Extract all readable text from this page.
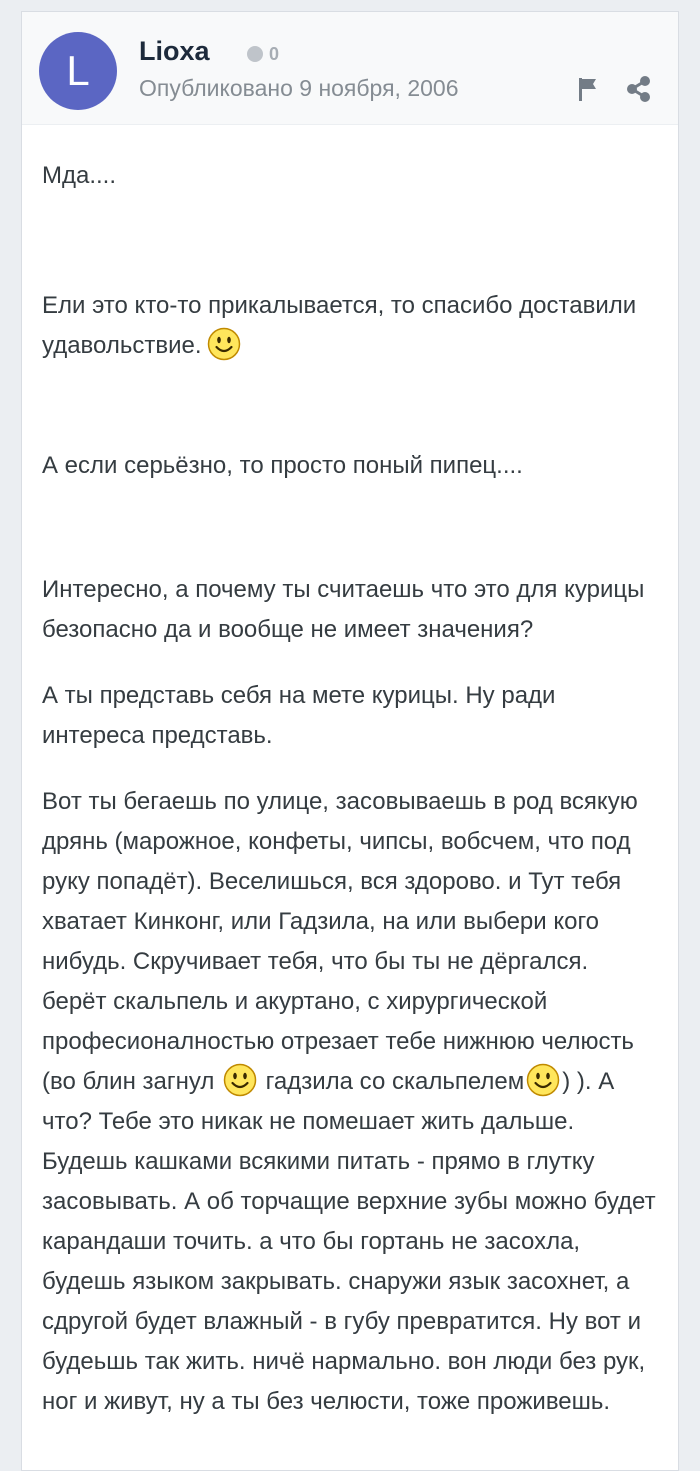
L Lioxa	0
Опубликовано 9 ноября, 2006

Мда....

Ели это кто-то прикалывается, то спасибо доставили удавольствие.

А если серьёзно, то просто поный пипец....

Интересно, а почему ты считаешь что это для курицы безопасно да и вообще не имеет значения?

А ты представь себя на мете курицы. Ну ради интереса представь.

Вот ты бегаешь по улице, засовываешь в род всякую дрянь (марожное, конфеты, чипсы, вобсчем, что под руку попадёт). Веселишься, вся здорово. и Тут тебя хватает Кинконг, или Гадзила, на или выбери кого нибудь. Скручивает тебя, что бы ты не дёргался. берёт скальпель и акуртано, с хирургической професионалностью отрезает тебе нижнюю челюсть (во блин загнул гадзила со скальпелем ) ). А что? Тебе это никак не помешает жить дальше. Будешь кашками всякими питать - прямо в глутку засовывать. А об торчащие верхние зубы можно будет карандаши точить. а что бы гортань не засохла, будешь языком закрывать. снаружи язык засохнет, а сдругой будет влажный - в губу превратится. Ну вот и будеьшь так жить. ничё нармально. вон люди без рук, ног и живут, ну а ты без челюсти, тоже проживешь.
